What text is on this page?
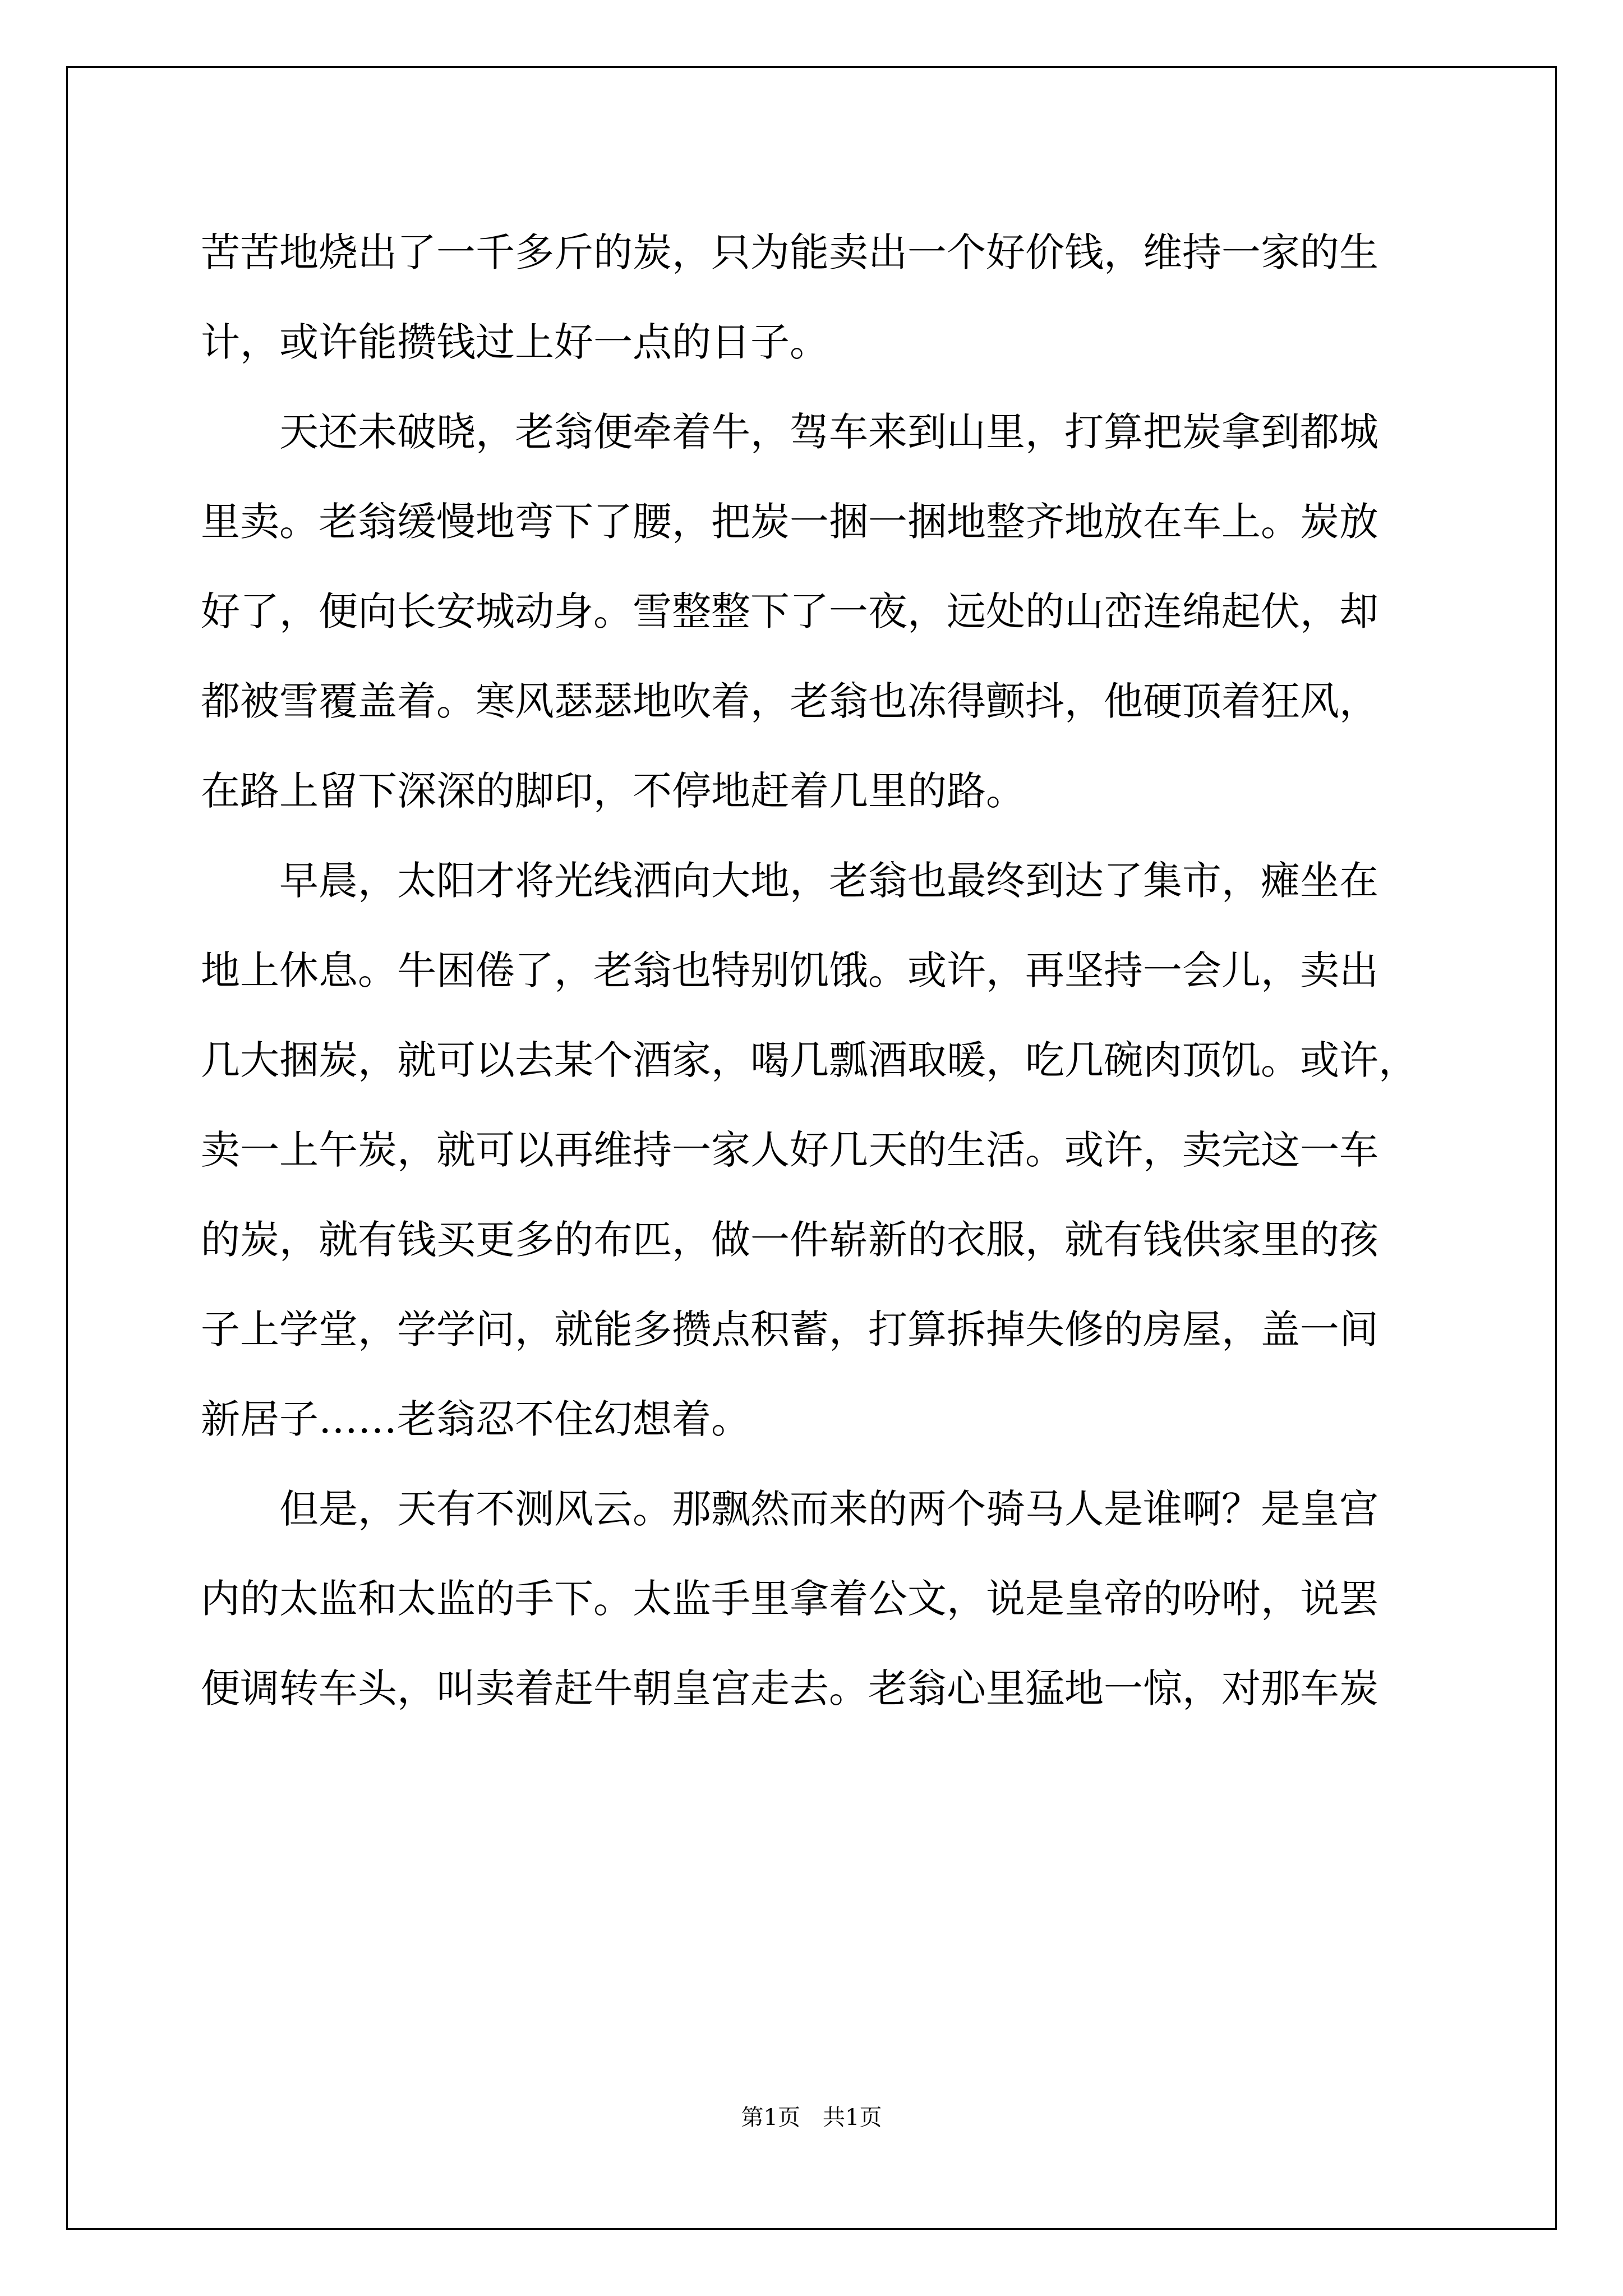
苦苦地烧出了一千多斤的炭，只为能卖出一个好价钱，维持一家的生
计，或许能攒钱过上好一点的日子。
天还未破晓，老翁便牵着牛，驾车来到山里，打算把炭拿到都城
里卖。老翁缓慢地弯下了腰，把炭一捆一捆地整齐地放在车上。炭放
好了，便向长安城动身。雪整整下了一夜，远处的山峦连绵起伏，却
都被雪覆盖着。寒风瑟瑟地吹着，老翁也冻得颤抖，他硬顶着狂风，
在路上留下深深的脚印，不停地赶着几里的路。
早晨，太阳才将光线洒向大地，老翁也最终到达了集市，瘫坐在
地上休息。牛困倦了，老翁也特别饥饿。或许，再坚持一会儿，卖出
几大捆炭，就可以去某个酒家，喝几瓢酒取暖，吃几碗肉顶饥。或许，
卖一上午炭，就可以再维持一家人好几天的生活。或许，卖完这一车
的炭，就有钱买更多的布匹，做一件崭新的衣服，就有钱供家里的孩
子上学堂，学学问，就能多攒点积蓄，打算拆掉失修的房屋，盖一间
新居子……老翁忍不住幻想着。
但是，天有不测风云。那飘然而来的两个骑马人是谁啊？是皇宫
内的太监和太监的手下。太监手里拿着公文，说是皇帝的吩咐，说罢
便调转车头，叫卖着赶牛朝皇宫走去。老翁心里猛地一惊，对那车炭
第1页　共1页
